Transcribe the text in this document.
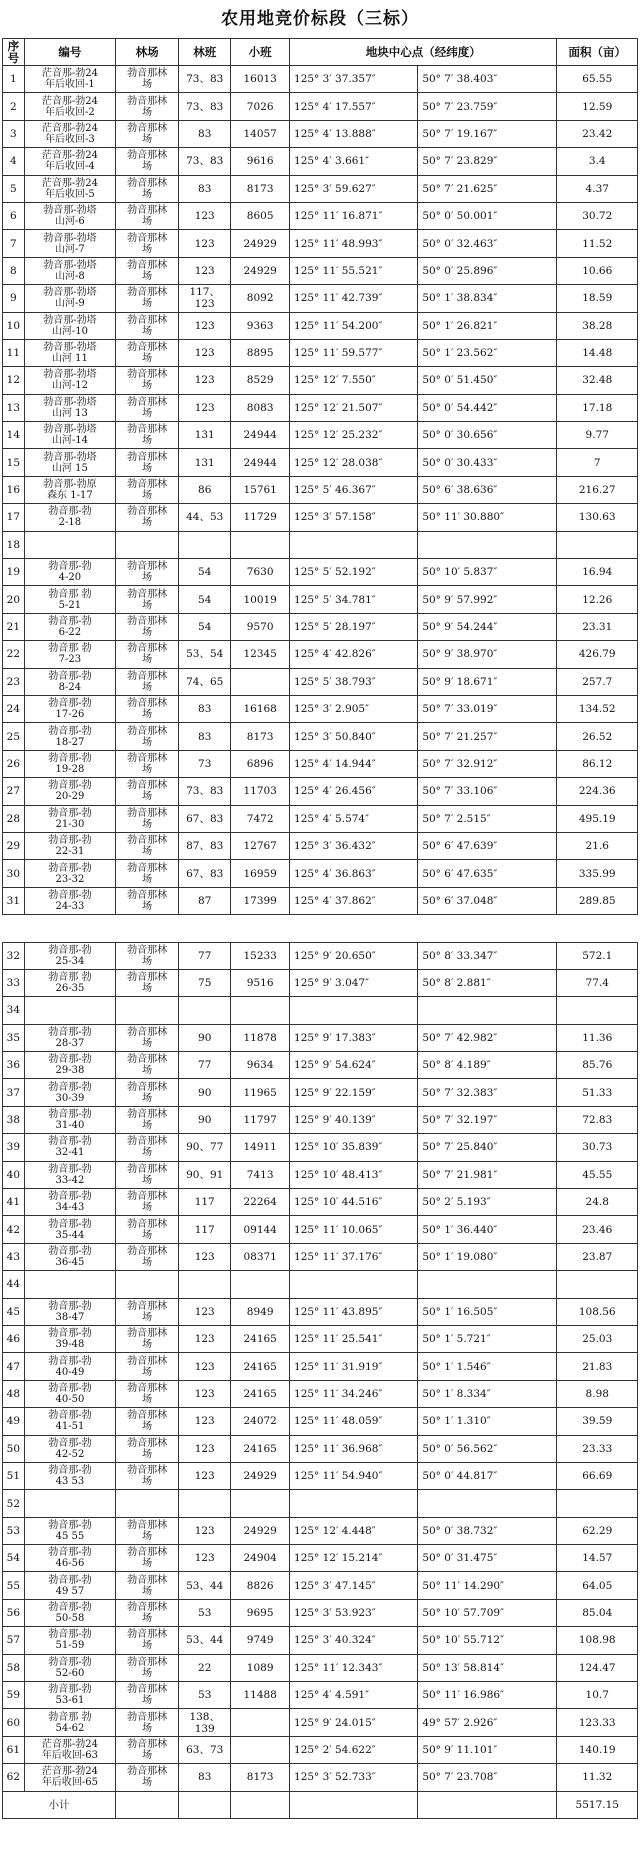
农用地竞价标段（三标）
序号	编号	林场	林班	小班	地块中心点（经纬度）		面积（亩）
1	茫音那-勃24
年后收回-1	勃音那林
场	73、83	16013	125° 3′ 37.357″	50° 7′ 38.403″	65.55
2	茫音那-勃24
年后收回-2	勃音那林
场	73、83	7026	125° 4′ 17.557″	50° 7′ 23.759″	12.59
3	茫音那-勃24
年后收回-3	勃音那林
场	83	14057	125° 4′ 13.888″	50° 7′ 19.167″	23.42
4	茫音那-勃24
年后收回-4	勃音那林
场	73、83	9616	125° 4′ 3.661″	50° 7′ 23.829″	3.4
5	茫音那-勃24
年后收回-5	勃音那林
场	83	8173	125° 3′ 59.627″	50° 7′ 21.625″	4.37
6	勃音那-勃塔
山河-6	勃音那林
场	123	8605	125° 11′ 16.871″	50° 0′ 50.001″	30.72
7	勃音那-勃塔
山河-7	勃音那林
场	123	24929	125° 11′ 48.993″	50° 0′ 32.463″	11.52
8	勃音那-勃塔
山河-8	勃音那林
场	123	24929	125° 11′ 55.521″	50° 0′ 25.896″	10.66
9	勃音那-勃塔
山河-9	勃音那林
场	117、
123	8092	125° 11′ 42.739″	50° 1′ 38.834″	18.59
10	勃音那-勃塔
山河-10	勃音那林
场	123	9363	125° 11′ 54.200″	50° 1′ 26.821″	38.28
11	勃音那-勃塔
山河 11	勃音那林
场	123	8895	125° 11′ 59.577″	50° 1′ 23.562″	14.48
12	勃音那-勃塔
山河-12	勃音那林
场	123	8529	125° 12′ 7.550″	50° 0′ 51.450″	32.48
13	勃音那-勃塔
山河 13	勃音那林
场	123	8083	125° 12′ 21.507″	50° 0′ 54.442″	17.18
14	勃音那-勃塔
山河-14	勃音那林
场	131	24944	125° 12′ 25.232″	50° 0′ 30.656″	9.77
15	勃音那-勃塔
山河 15	勃音那林
场	131	24944	125° 12′ 28.038″	50° 0′ 30.433″	7
16	勃音那-勃原
森东 1-17	勃音那林
场	86	15761	125° 5′ 46.367″	50° 6′ 38.636″	216.27
17	勃音那-勃
2-18	勃音那林
场	44、53	11729	125° 3′ 57.158″	50° 11′ 30.880″	130.63
18							
19	勃音那-勃
4-20	勃音那林
场	54	7630	125° 5′ 52.192″	50° 10′ 5.837″	16.94
20	勃音那 勃
5-21	勃音那林
场	54	10019	125° 5′ 34.781″	50° 9′ 57.992″	12.26
21	勃音那-勃
6-22	勃音那林
场	54	9570	125° 5′ 28.197″	50° 9′ 54.244″	23.31
22	勃音那 勃
7-23	勃音那林
场	53、54	12345	125° 4′ 42.826″	50° 9′ 38.970″	426.79
23	勃音那-勃
8-24	勃音那林
场	74、65		125° 5′ 38.793″	50° 9′ 18.671″	257.7
24	勃音那-勃
17-26	勃音那林
场	83	16168	125° 3′ 2.905″	50° 7′ 33.019″	134.52
25	勃音那-勃
18-27	勃音那林
场	83	8173	125° 3′ 50.840″	50° 7′ 21.257″	26.52
26	勃音那-勃
19-28	勃音那林
场	73	6896	125° 4′ 14.944″	50° 7′ 32.912″	86.12
27	勃音那-勃
20-29	勃音那林
场	73、83	11703	125° 4′ 26.456″	50° 7′ 33.106″	224.36
28	勃音那-勃
21-30	勃音那林
场	67、83	7472	125° 4′ 5.574″	50° 7′ 2.515″	495.19
29	勃音那-勃
22-31	勃音那林
场	87、83	12767	125° 3′ 36.432″	50° 6′ 47.639″	21.6
30	勃音那-勃
23-32	勃音那林
场	67、83	16959	125° 4′ 36.863″	50° 6′ 47.635″	335.99
31	勃音那-勃
24-33	勃音那林
场	87	17399	125° 4′ 37.862″	50° 6′ 37.048″	289.85

32	勃音那-勃
25-34	勃音那林
场	77	15233	125° 9′ 20.650″	50° 8′ 33.347″	572.1
33	勃音那 勃
26-35	勃音那林
场	75	9516	125° 9′ 3.047″	50° 8′ 2.881″	77.4
34							
35	勃音那-勃
28-37	勃音那林
场	90	11878	125° 9′ 17.383″	50° 7′ 42.982″	11.36
36	勃音那-勃
29-38	勃音那林
场	77	9634	125° 9′ 54.624″	50° 8′ 4.189″	85.76
37	勃音那-勃
30-39	勃音那林
场	90	11965	125° 9′ 22.159″	50° 7′ 32.383″	51.33
38	勃音那-勃
31-40	勃音那林
场	90	11797	125° 9′ 40.139″	50° 7′ 32.197″	72.83
39	勃音那-勃
32-41	勃音那林
场	90、77	14911	125° 10′ 35.839″	50° 7′ 25.840″	30.73
40	勃音那-勃
33-42	勃音那林
场	90、91	7413	125° 10′ 48.413″	50° 7′ 21.981″	45.55
41	勃音那-勃
34-43	勃音那林
场	117	22264	125° 10′ 44.516″	50° 2′ 5.193″	24.8
42	勃音那-勃
35-44	勃音那林
场	117	09144	125° 11′ 10.065″	50° 1′ 36.440″	23.46
43	勃音那-勃
36-45	勃音那林
场	123	08371	125° 11′ 37.176″	50° 1′ 19.080″	23.87
44							
45	勃音那-勃
38-47	勃音那林
场	123	8949	125° 11′ 43.895″	50° 1′ 16.505″	108.56
46	勃音那-勃
39-48	勃音那林
场	123	24165	125° 11′ 25.541″	50° 1′ 5.721″	25.03
47	勃音那-勃
40-49	勃音那林
场	123	24165	125° 11′ 31.919″	50° 1′ 1.546″	21.83
48	勃音那-勃
40-50	勃音那林
场	123	24165	125° 11′ 34.246″	50° 1′ 8.334″	8.98
49	勃音那-勃
41-51	勃音那林
场	123	24072	125° 11′ 48.059″	50° 1′ 1.310″	39.59
50	勃音那-勃
42-52	勃音那林
场	123	24165	125° 11′ 36.968″	50° 0′ 56.562″	23.33
51	勃音那-勃
43 53	勃音那林
场	123	24929	125° 11′ 54.940″	50° 0′ 44.817″	66.69
52							
53	勃音那-勃
45 55	勃音那林
场	123	24929	125° 12′ 4.448″	50° 0′ 38.732″	62.29
54	勃音那-勃
46-56	勃音那林
场	123	24904	125° 12′ 15.214″	50° 0′ 31.475″	14.57
55	勃音那-勃
49 57	勃音那林
场	53、44	8826	125° 3′ 47.145″	50° 11′ 14.290″	64.05
56	勃音那-勃
50-58	勃音那林
场	53	9695	125° 3′ 53.923″	50° 10′ 57.709″	85.04
57	勃音那-勃
51-59	勃音那林
场	53、44	9749	125° 3′ 40.324″	50° 10′ 55.712″	108.98
58	勃音那-勃
52-60	勃音那林
场	22	1089	125° 11′ 12.343″	50° 13′ 58.814″	124.47
59	勃音那-勃
53-61	勃音那林
场	53	11488	125° 4′ 4.591″	50° 11′ 16.986″	10.7
60	勃音那 勃
54-62	勃音那林
场	138、
139		125° 9′ 24.015″	49° 57′ 2.926″	123.33
61	茫音那-勃24
年后收回-63	勃音那林
场	63、73		125° 2′ 54.622″	50° 9′ 11.101″	140.19
62	茫音那-勃24
年后收回-65	勃音那林
场	83	8173	125° 3′ 52.733″	50° 7′ 23.708″	11.32
小计							5517.15
